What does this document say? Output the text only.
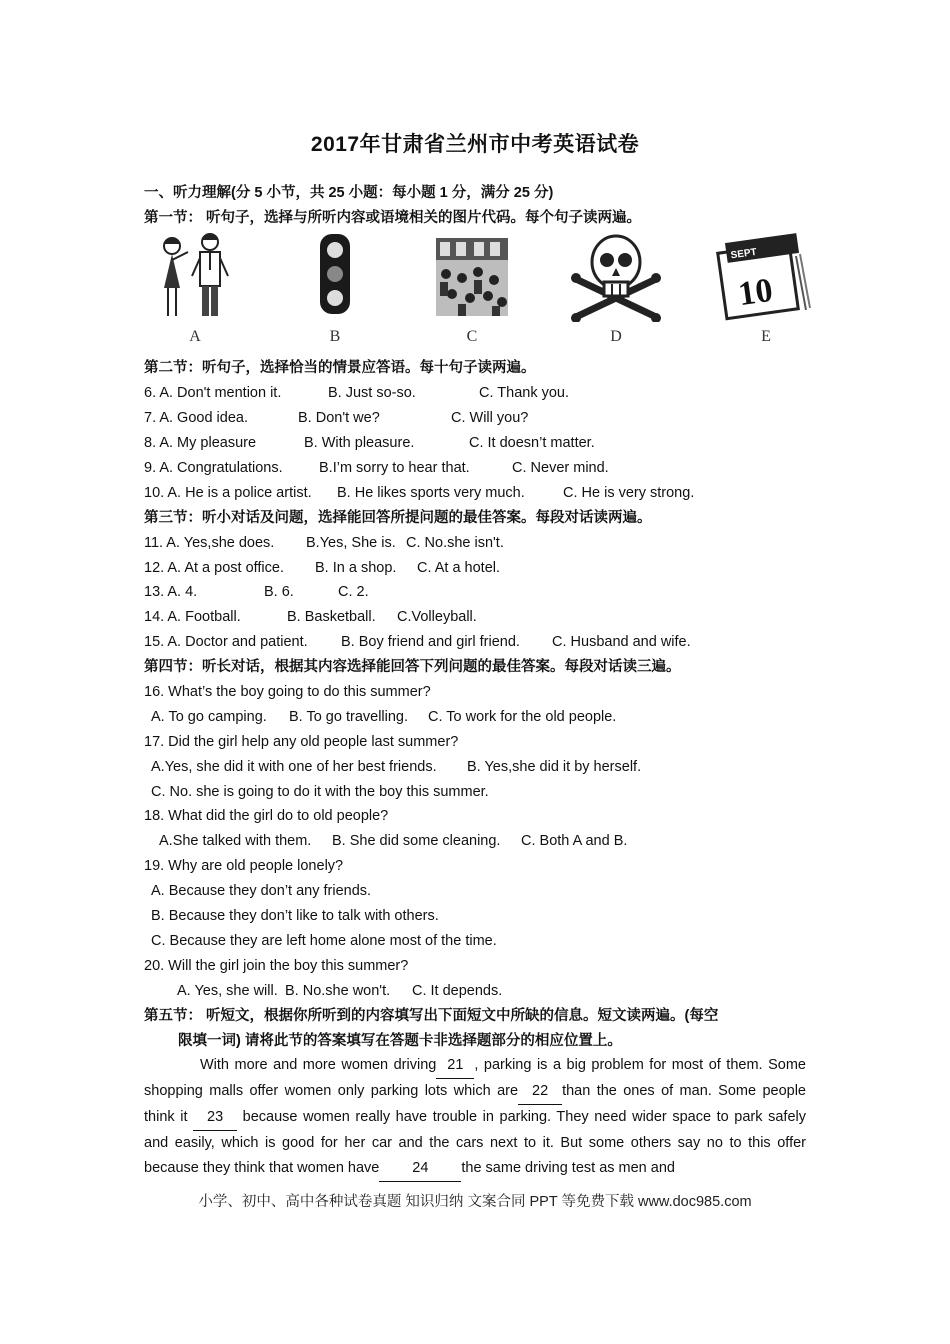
2017年甘肃省兰州市中考英语试卷
一、听力理解(分 5 小节，共 25 小题：每小题 1 分，满分 25 分)
第一节： 听句子，选择与所听内容或语境相关的图片代码。每个句子读两遍。
A	B	C	D
SEPT
10
E
第二节：听句子，选择恰当的情景应答语。每十句子读两遍。
6. A. Don't mention it.	B. Just so-so.	C. Thank you.
7. A. Good idea.	B. Don't we?	C. Will you?
8. A. My pleasure	B. With pleasure.	C. It doesn’t matter.
9. A. Congratulations.	B.I’m sorry to hear that.	C. Never mind.
10. A. He is a police artist. B. He likes sports very much.	C. He is very strong.
第三节：听小对话及问题，选择能回答所提问题的最佳答案。每段对话读两遍。
11. A. Yes,she does. B.Yes, She is. C. No.she isn't.
12. A. At a post office. B. In a shop. C. At a hotel.
13. A. 4.	B. 6.	C. 2.
14. A. Football.	B. Basketball. C.Volleyball.
15. A. Doctor and patient. B. Boy friend and girl friend. C. Husband and wife.
第四节：听长对话，根据其内容选择能回答下列问题的最佳答案。每段对话读三遍。
16. What’s the boy going to do this summer?
A. To go camping. B. To go travelling. C. To work for the old people.
17. Did the girl help any old people last summer?
A.Yes, she did it with one of her best friends. B. Yes,she did it by herself.
C. No. she is going to do it with the boy this summer.
18. What did the girl do to old people?
A.She talked with them. B. She did some cleaning. C. Both A and B.
19. Why are old people lonely?
A. Because they don’t any friends.
B. Because they don’t like to talk with others.
C. Because they are left home alone most of the time.
20. Will the girl join the boy this summer?
A. Yes, she will. B. No.she won't. C. It depends.
第五节： 听短文，根据你所听到的内容填写出下面短文中所缺的信息。短文读两遍。(每空
限填一词) 请将此节的答案填写在答题卡非选择题部分的相应位置上。
With more and more women driving 21 , parking is a big problem for most of them. Some shopping malls offer women only parking lots which are 22 than the ones of man. Some people think it 23 because women really have trouble in parking. They need wider space to park safely and easily, which is good for her car and the cars next to it. But some others say no to this offer because they think that women have 24 the same driving test as men and
小学、初中、高中各种试卷真题 知识归纳 文案合同 PPT 等免费下载 www.doc985.com
